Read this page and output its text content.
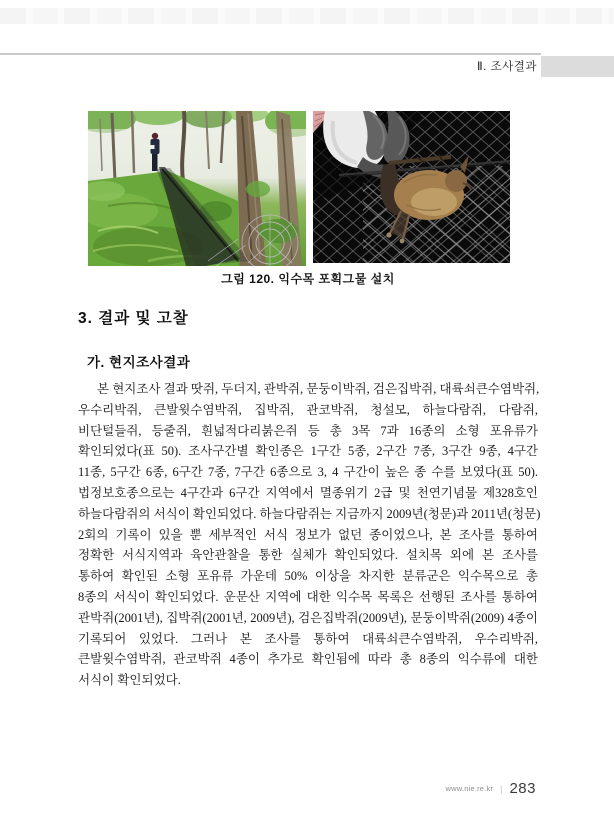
Ⅱ. 조사결과
그림 120. 익수목 포획그물 설치
3. 결과 및 고찰
가. 현지조사결과
본 현지조사 결과 땃쥐, 두더지, 관박쥐, 문둥이박쥐, 검은집박쥐, 대륙쇠큰수염박쥐,
우수리박쥐, 큰발윗수염박쥐, 집박쥐, 관코박쥐, 청설모, 하늘다람쥐, 다람쥐,
비단털들쥐, 등줄쥐, 흰넓적다리붉은쥐 등 총 3목 7과 16종의 소형 포유류가
확인되었다(표 50). 조사구간별 확인종은 1구간 5종, 2구간 7종, 3구간 9종, 4구간
11종, 5구간 6종, 6구간 7종, 7구간 6종으로 3, 4 구간이 높은 종 수를 보였다(표 50).
법정보호종으로는 4구간과 6구간 지역에서 멸종위기 2급 및 천연기념물 제328호인
하늘다람쥐의 서식이 확인되었다. 하늘다람쥐는 지금까지 2009년(청문)과 2011년(청문)
2회의 기록이 있을 뿐 세부적인 서식 정보가 없던 종이었으나, 본 조사를 통하여
정확한 서식지역과 육안관찰을 통한 실체가 확인되었다. 설치목 외에 본 조사를
통하여 확인된 소형 포유류 가운데 50% 이상을 차지한 분류군은 익수목으로 총
8종의 서식이 확인되었다. 운문산 지역에 대한 익수목 목록은 선행된 조사를 통하여
관박쥐(2001년), 집박쥐(2001년, 2009년), 검은집박쥐(2009년), 문둥이박쥐(2009) 4종이
기록되어 있었다. 그러나 본 조사를 통하여 대륙쇠큰수염박쥐, 우수리박쥐,
큰발윗수염박쥐, 관코박쥐 4종이 추가로 확인됨에 따라 총 8종의 익수류에 대한
서식이 확인되었다.
www.nie.re.kr | 283
